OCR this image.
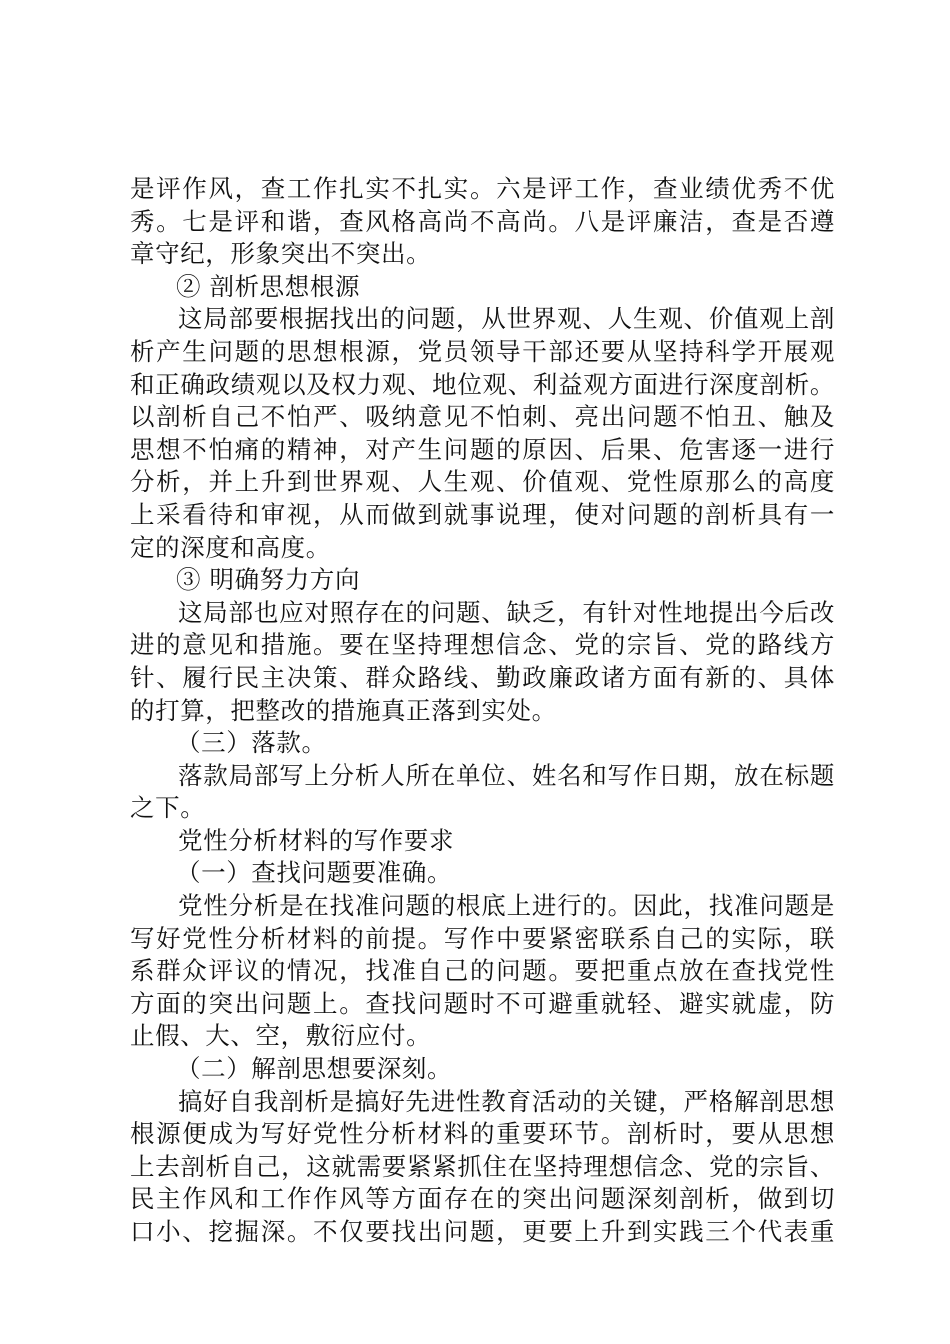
是评作风，查工作扎实不扎实。六是评工作，查业绩优秀不优
秀。七是评和谐，查风格高尚不高尚。八是评廉洁，查是否遵
章守纪，形象突出不突出。
② 剖析思想根源
这局部要根据找出的问题，从世界观、人生观、价值观上剖
析产生问题的思想根源，党员领导干部还要从坚持科学开展观
和正确政绩观以及权力观、地位观、利益观方面进行深度剖析。
以剖析自己不怕严、吸纳意见不怕刺、亮出问题不怕丑、触及
思想不怕痛的精神，对产生问题的原因、后果、危害逐一进行
分析，并上升到世界观、人生观、价值观、党性原那么的高度
上采看待和审视，从而做到就事说理，使对问题的剖析具有一
定的深度和高度。
③ 明确努力方向
这局部也应对照存在的问题、缺乏，有针对性地提出今后改
进的意见和措施。要在坚持理想信念、党的宗旨、党的路线方
针、履行民主决策、群众路线、勤政廉政诸方面有新的、具体
的打算，把整改的措施真正落到实处。
（三）落款。
落款局部写上分析人所在单位、姓名和写作日期，放在标题
之下。
党性分析材料的写作要求
（一）查找问题要准确。
党性分析是在找准问题的根底上进行的。因此，找准问题是
写好党性分析材料的前提。写作中要紧密联系自己的实际，联
系群众评议的情况，找准自己的问题。要把重点放在查找党性
方面的突出问题上。查找问题时不可避重就轻、避实就虚，防
止假、大、空，敷衍应付。
（二）解剖思想要深刻。
搞好自我剖析是搞好先进性教育活动的关键，严格解剖思想
根源便成为写好党性分析材料的重要环节。剖析时，要从思想
上去剖析自己，这就需要紧紧抓住在坚持理想信念、党的宗旨、
民主作风和工作作风等方面存在的突出问题深刻剖析，做到切
口小、挖掘深。不仅要找出问题，更要上升到实践三个代表重
